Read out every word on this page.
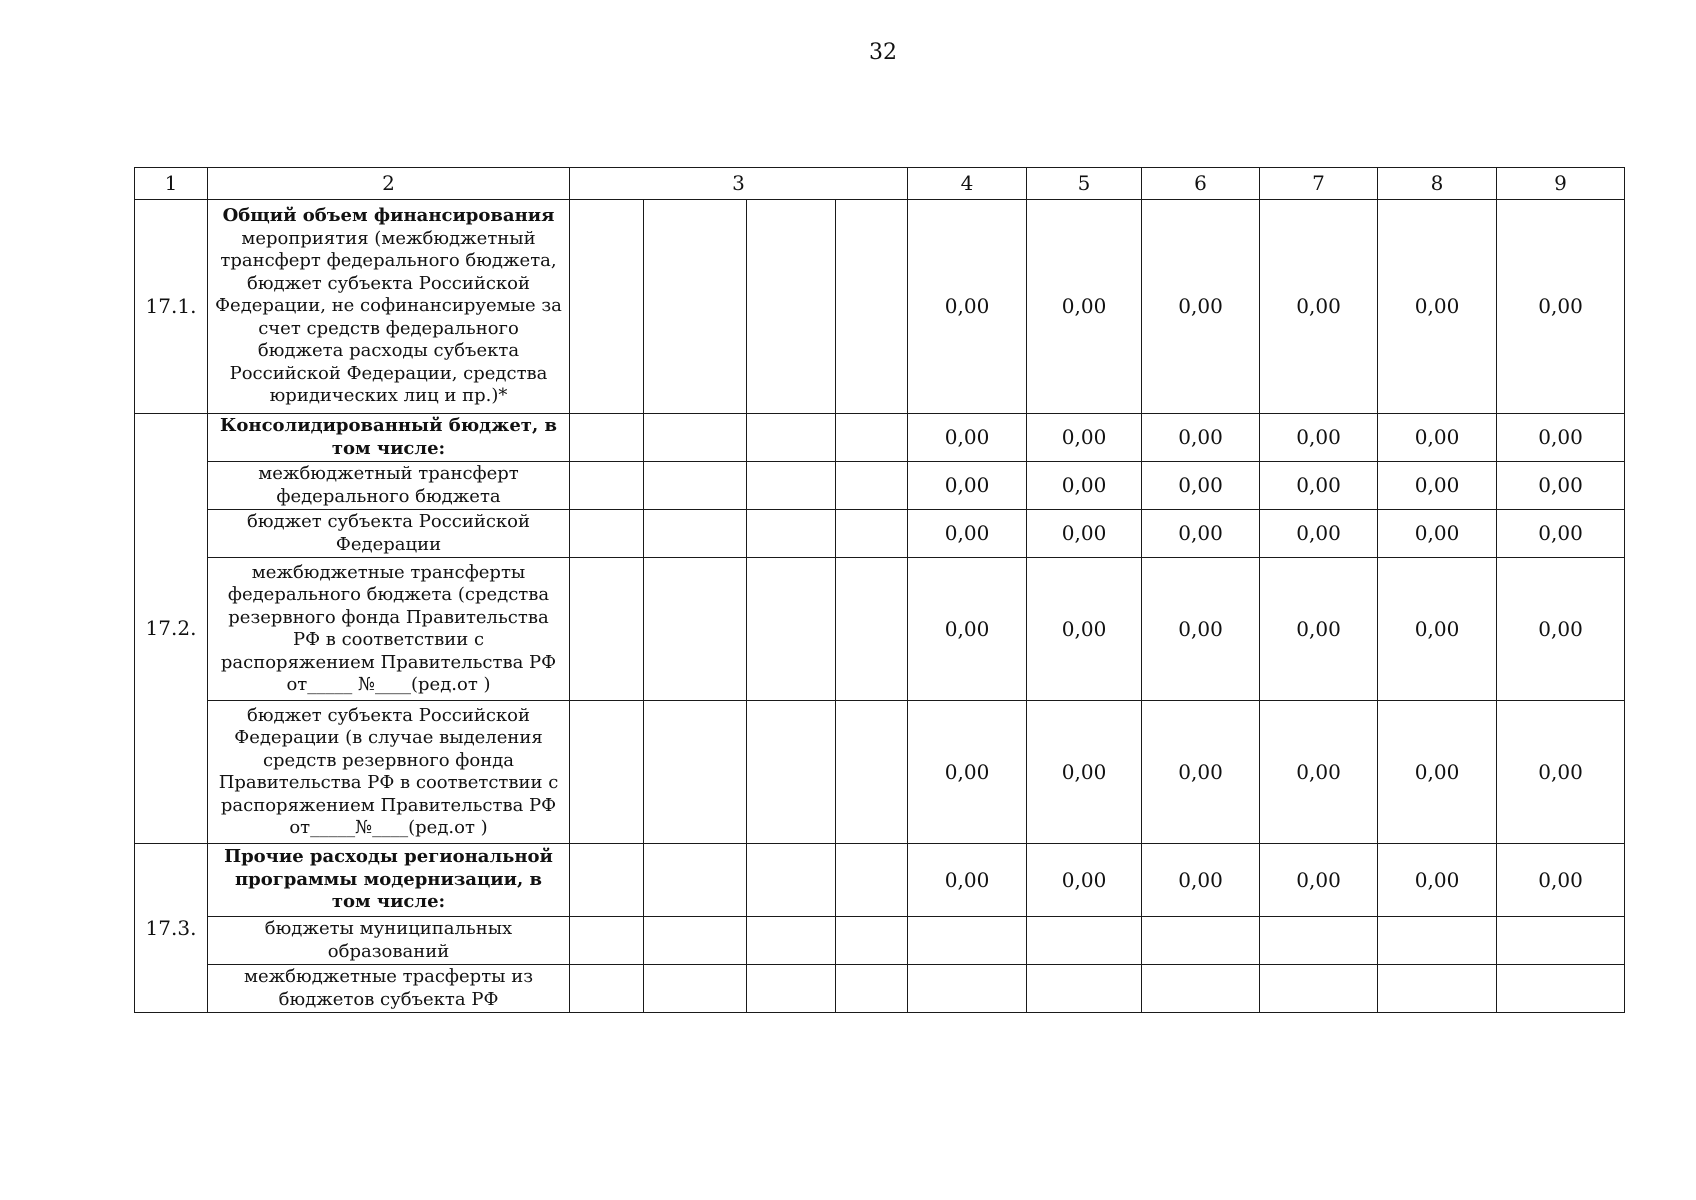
32
1	2	3				4	5	6	7	8	9
17.1.	Общий объем финансирования мероприятия (межбюджетный трансферт федерального бюджета, бюджет субъекта Российской Федерации, не софинансируемые за счет средств федерального бюджета расходы субъекта Российской Федерации, средства юридических лиц и пр.)*					0,00	0,00	0,00	0,00	0,00	0,00
17.2.	Консолидированный бюджет, в том числе:					0,00	0,00	0,00	0,00	0,00	0,00
	межбюджетный трансферт федерального бюджета					0,00	0,00	0,00	0,00	0,00	0,00
	бюджет субъекта Российской Федерации					0,00	0,00	0,00	0,00	0,00	0,00
	межбюджетные трансферты федерального бюджета (средства резервного фонда Правительства РФ в соответствии с распоряжением Правительства РФ от_____ №____(ред.от )					0,00	0,00	0,00	0,00	0,00	0,00
	бюджет субъекта Российской Федерации (в случае выделения средств резервного фонда Правительства РФ в соответствии с распоряжением Правительства РФ от_____№____(ред.от )					0,00	0,00	0,00	0,00	0,00	0,00
17.3.	Прочие расходы региональной программы модернизации, в том числе:					0,00	0,00	0,00	0,00	0,00	0,00
	бюджеты муниципальных образований										
	межбюджетные трасферты из бюджетов субъекта РФ										
